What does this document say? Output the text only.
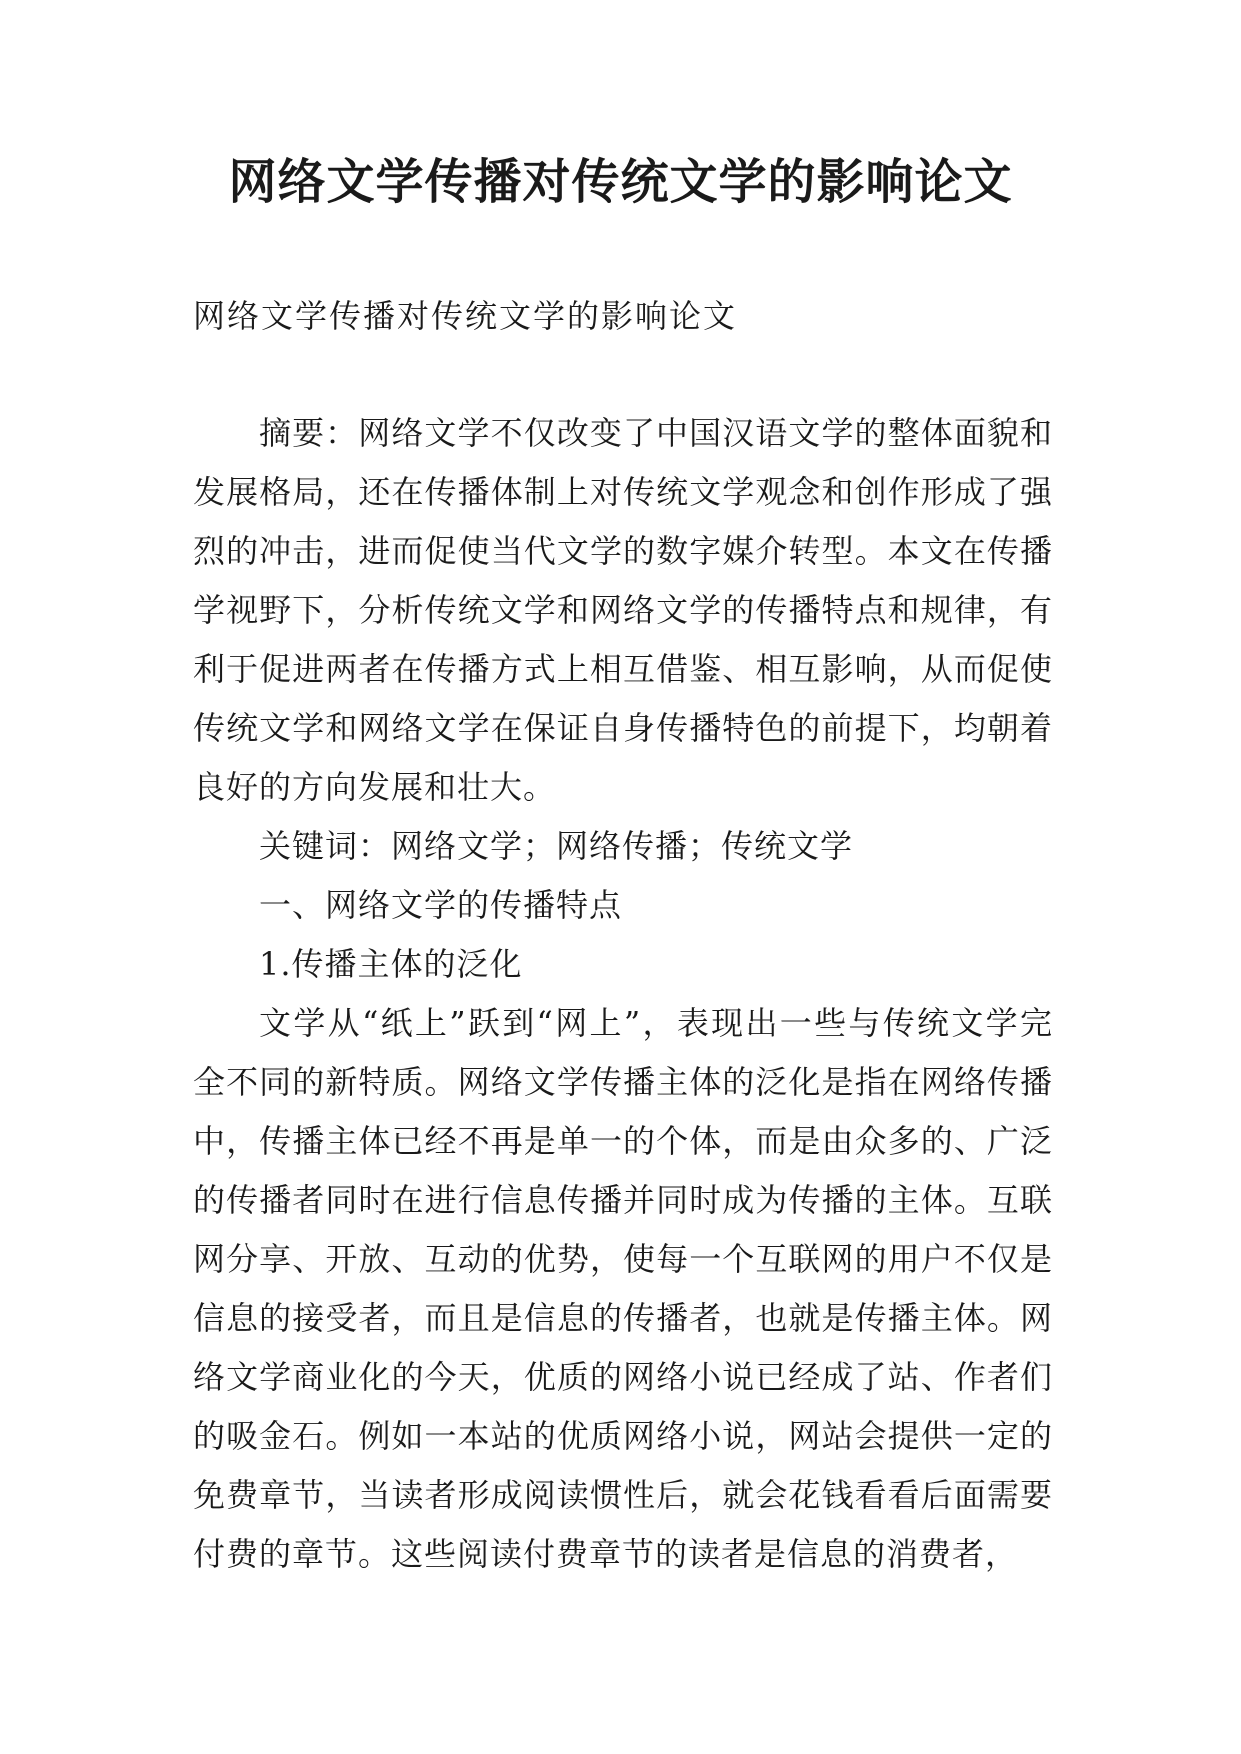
网络文学传播对传统文学的影响论文

网络文学传播对传统文学的影响论文

摘要：网络文学不仅改变了中国汉语文学的整体面貌和发展格局，还在传播体制上对传统文学观念和创作形成了强烈的冲击，进而促使当代文学的数字媒介转型。本文在传播学视野下，分析传统文学和网络文学的传播特点和规律，有利于促进两者在传播方式上相互借鉴、相互影响，从而促使传统文学和网络文学在保证自身传播特色的前提下，均朝着良好的方向发展和壮大。

关键词：网络文学；网络传播；传统文学

一、网络文学的传播特点

1.传播主体的泛化

文学从“纸上”跃到“网上”，表现出一些与传统文学完全不同的新特质。网络文学传播主体的泛化是指在网络传播中，传播主体已经不再是单一的个体，而是由众多的、广泛的传播者同时在进行信息传播并同时成为传播的主体。互联网分享、开放、互动的优势，使每一个互联网的用户不仅是信息的接受者，而且是信息的传播者，也就是传播主体。网络文学商业化的今天，优质的网络小说已经成了站、作者们的吸金石。例如一本站的优质网络小说，网站会提供一定的免费章节，当读者形成阅读惯性后，就会花钱看看后面需要付费的章节。这些阅读付费章节的读者是信息的消费者，
